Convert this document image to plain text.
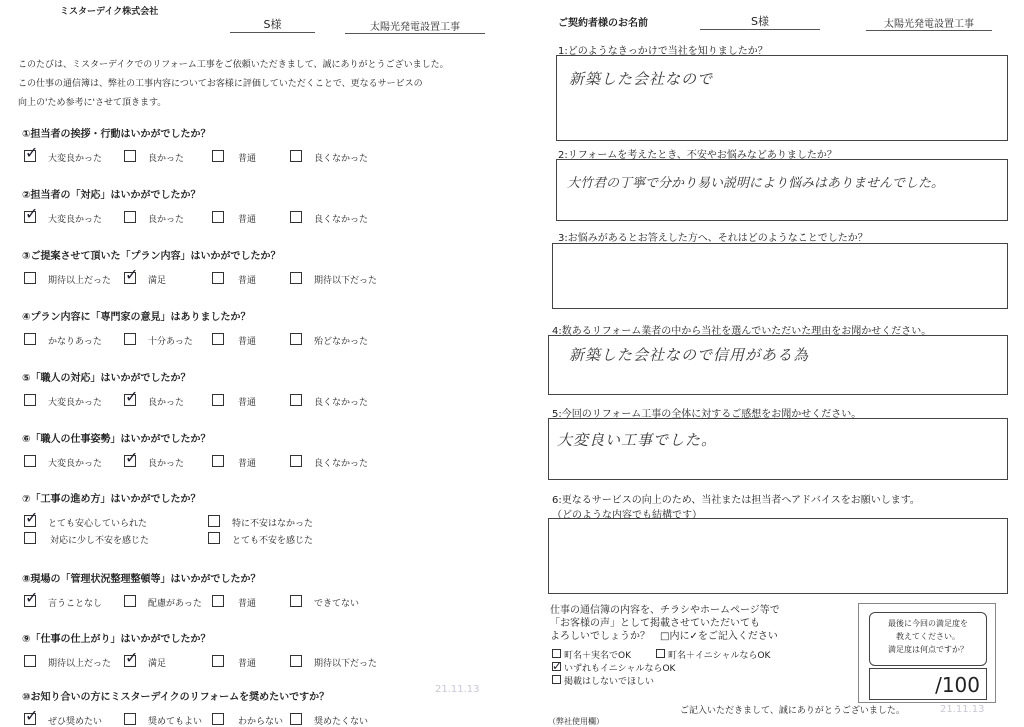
ミスターデイク株式会社
S様	太陽光発電設置工事
このたびは、ミスターデイクでのリフォーム工事をご依頼いただきまして、誠にありがとうございました。
この仕事の通信簿は、弊社の工事内容についてお客様に評価していただくことで、更なるサービスの
向上の'ため参考に'させて頂きます。
①担当者の挨拶・行動はいかがでしたか？
✓ 大変良かった	良かった	普通	良くなかった
②担当者の「対応」はいかがでしたか？
✓ 大変良かった	良かった	普通	良くなかった
③ご提案させて頂いた「プラン内容」はいかがでしたか？
期待以上だった ✓ 満足	普通	期待以下だった
④プラン内容に「専門家の意見」はありましたか？
かなりあった	十分あった	普通	殆どなかった
⑤「職人の対応」はいかがでしたか？
大変良かった ✓ 良かった	普通	良くなかった
⑥「職人の仕事姿勢」はいかがでしたか？
大変良かった ✓ 良かった	普通	良くなかった
⑦「工事の進め方」はいかがでしたか？
✓ とても安心していられた	特に不安はなかった
対応に少し不安を感じた	とても不安を感じた
⑧現場の「管理状況整理整頓等」はいかがでしたか？
✓ 言うことなし	配慮があった	普通	できてない
⑨「仕事の仕上がり」はいかがでしたか？
期待以上だった ✓ 満足	普通	期待以下だった
⑩お知り合いの方にミスターデイクのリフォームを奨めたいですか？
✓ ぜひ奨めたい	奨めてもよい	わからない	奨めたくない
21.11.13
ご契約者様のお名前	S様	太陽光発電設置工事
1:どのようなきっかけで当社を知りましたか？
新築した会社なので
2:リフォームを考えたとき、不安やお悩みなどありましたか？
大竹君の丁寧で分かり易い説明により悩みはありませんでした。
3:お悩みがあるとお答えした方へ、それはどのようなことでしたか？
4:数あるリフォーム業者の中から当社を選んでいただいた理由をお聞かせください。
新築した会社なので信用がある為
5:今回のリフォーム工事の全体に対するご感想をお聞かせください。
大変良い工事でした。
6:更なるサービスの向上のため、当社または担当者へアドバイスをお願いします。
（どのような内容でも結構です）
仕事の通信簿の内容を、チラシやホームページ等で
「お客様の声」として掲載させていただいても
よろしいでしょうか？　□内に✓をご記入ください
町名＋実名でOK	町名＋イニシャルならOK
✓ いずれもイニシャルならOK
掲載はしないでほしい
最後に今回の満足度を
教えてください。
満足度は何点ですか？
/100
ご記入いただきまして、誠にありがとうございました。
（弊社使用欄）
21.11.13
